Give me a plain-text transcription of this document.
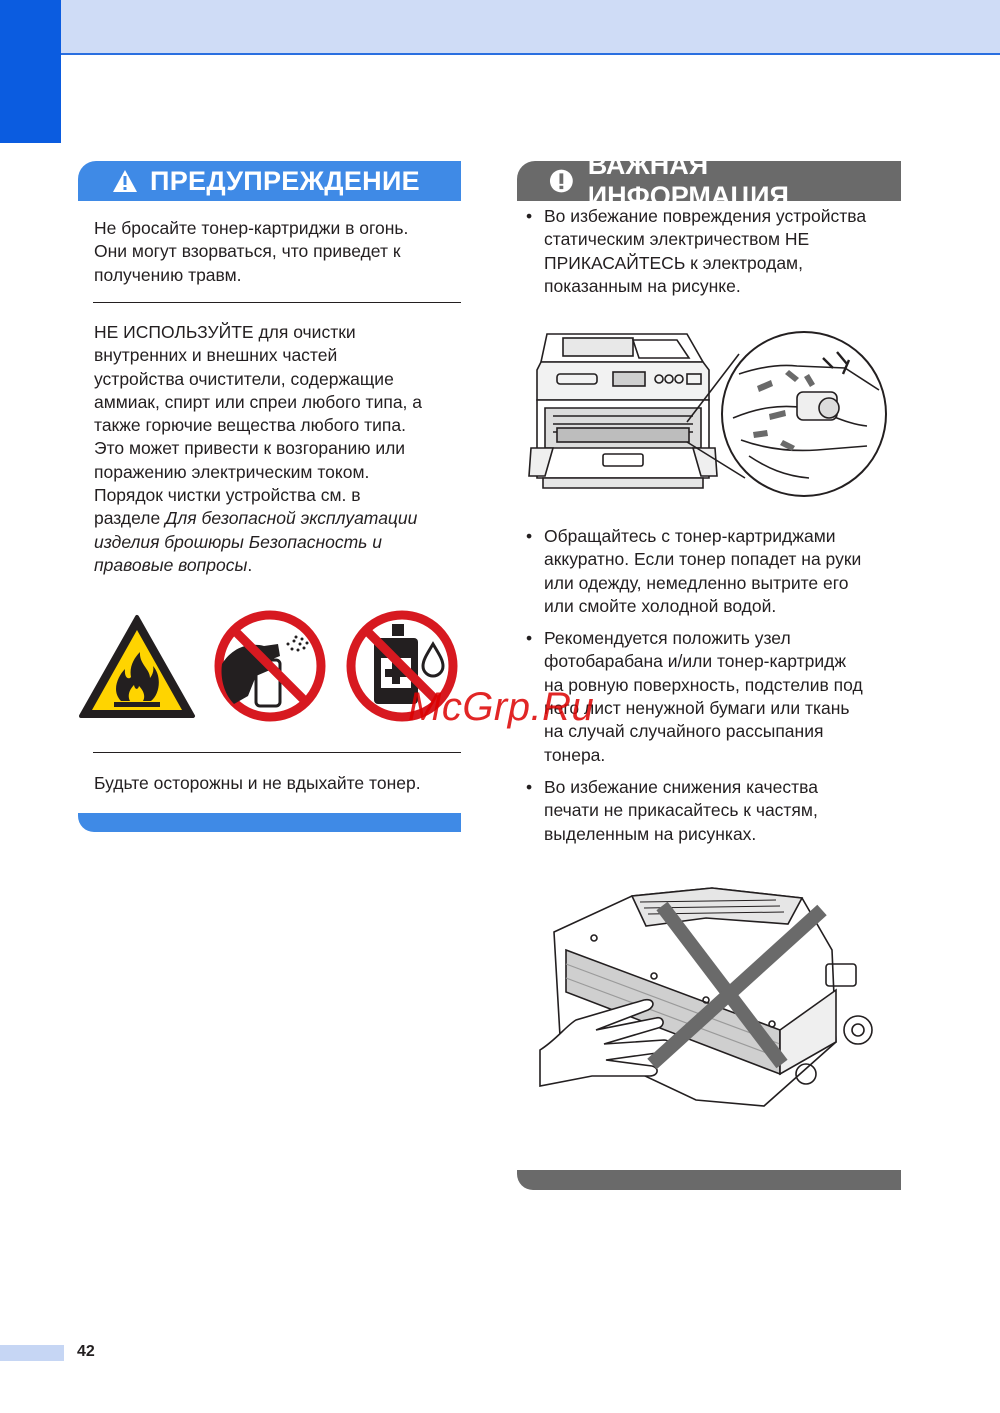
ПРЕДУПРЕЖДЕНИЕ

Не бросайте тонер-картриджи в огонь.
Они могут взорваться, что приведет к
получению травм.

НЕ ИСПОЛЬЗУЙТЕ для очистки
внутренних и внешних частей
устройства очистители, содержащие
аммиак, спирт или спреи любого типа, а
также горючие вещества любого типа.
Это может привести к возгоранию или
поражению электрическим током.
Порядок чистки устройства см. в
разделе Для безопасной эксплуатации
изделия брошюры Безопасность и
правовые вопросы.

Будьте осторожны и не вдыхайте тонер.

ВАЖНАЯ ИНФОРМАЦИЯ
• Во избежание повреждения устройства
статическим электричеством НЕ
ПРИКАСАЙТЕСЬ к электродам,
показанным на рисунке.
• Обращайтесь с тонер-картриджами
аккуратно. Если тонер попадет на руки
или одежду, немедленно вытрите его
или смойте холодной водой.
• Рекомендуется положить узел
фотобарабана и/или тонер-картридж
на ровную поверхность, подстелив под
него лист ненужной бумаги или ткань
на случай случайного рассыпания
тонера.
• Во избежание снижения качества
печати не прикасайтесь к частям,
выделенным на рисунках.
McGrp.Ru
42
